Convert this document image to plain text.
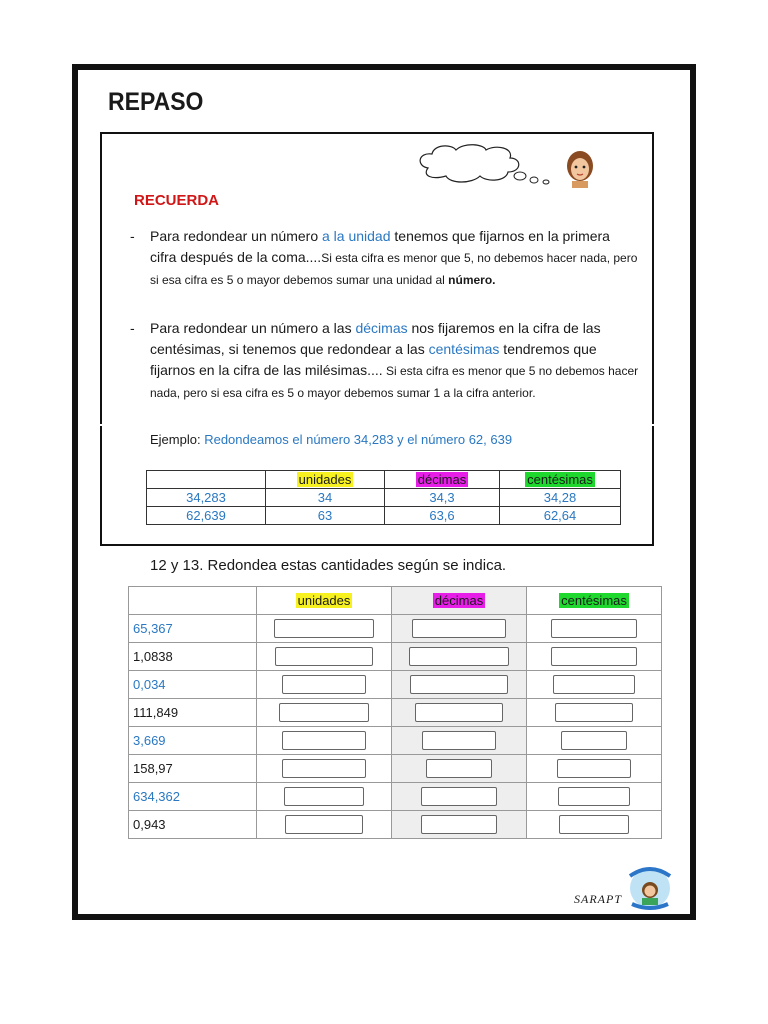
REPASO
RECUERDA
- Para redondear un número a la unidad tenemos que fijarnos en la primera cifra después de la coma....Si esta cifra es menor que 5, no debemos hacer nada, pero si esa cifra es 5 o mayor debemos sumar una unidad al número.
- Para redondear un número a las décimas nos fijaremos en la cifra de las centésimas, si tenemos que redondear a las centésimas tendremos que fijarnos en la cifra de las milésimas.... Si esta cifra es menor que 5 no debemos hacer nada, pero si esa cifra es 5 o mayor debemos sumar 1 a la cifra anterior.
Ejemplo: Redondeamos el número 34,283 y el número 62, 639
	unidades	décimas	centésimas
34,283	34	34,3	34,28
62,639	63	63,6	62,64
12 y 13. Redondea estas cantidades según se indica.
	unidades	décimas	centésimas
65,367			
1,0838			
0,034			
111,849			
3,669			
158,97			
634,362			
0,943			
SARAPT
